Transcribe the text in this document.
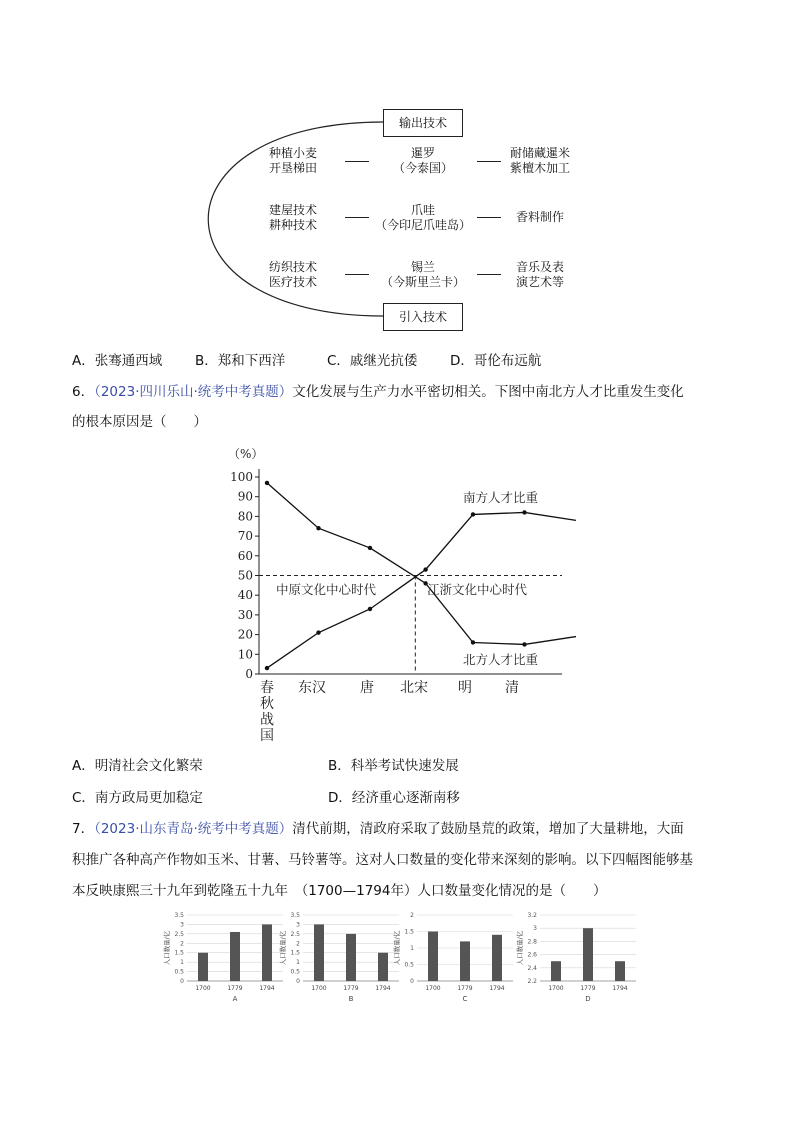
输出技术
引入技术
种植小麦
开垦梯田
暹罗
（今泰国）
耐储藏暹米
紫檀木加工
建屋技术
耕种技术
爪哇
（今印尼爪哇岛）
香料制作
纺织技术
医疗技术
锡兰
（今斯里兰卡）
音乐及表
演艺术等
A．张骞通西域 B．郑和下西洋	C．戚继光抗倭 D．哥伦布远航
6．（2023·四川乐山·统考中考真题）文化发展与生产力水平密切相关。下图中南北方人才比重发生变化
的根本原因是（　　）
0
10
20
30
40
50
60
70
80
90
100
（%）
春
秋
战
国
东汉 唐 北宋 明 清
南方人才比重
北方人才比重
中原文化中心时代	江浙文化中心时代
A．明清社会文化繁荣	B．科举考试快速发展
C．南方政局更加稳定	D．经济重心逐渐南移
7．（2023·山东青岛·统考中考真题）清代前期，清政府采取了鼓励垦荒的政策，增加了大量耕地，大面
积推广各种高产作物如玉米、甘薯、马铃薯等。这对人口数量的变化带来深刻的影响。以下四幅图能够基
本反映康熙三十九年到乾隆五十九年　（1700—1794年）人口数量变化情况的是（　　）
0
0.5
1
1.5
2
2.5
3
3.5
人口数量/亿
1700	1779	1794
A
0
0.5
1
1.5
2
2.5
3
3.5
人口数量/亿
1700	1779	1794
B
0
0.5
1
1.5
2
人口数量/亿
1700	1779	1794
C
2.2
2.4
2.6
2.8
3
3.2
人口数量/亿
1700	1779	1794
D
